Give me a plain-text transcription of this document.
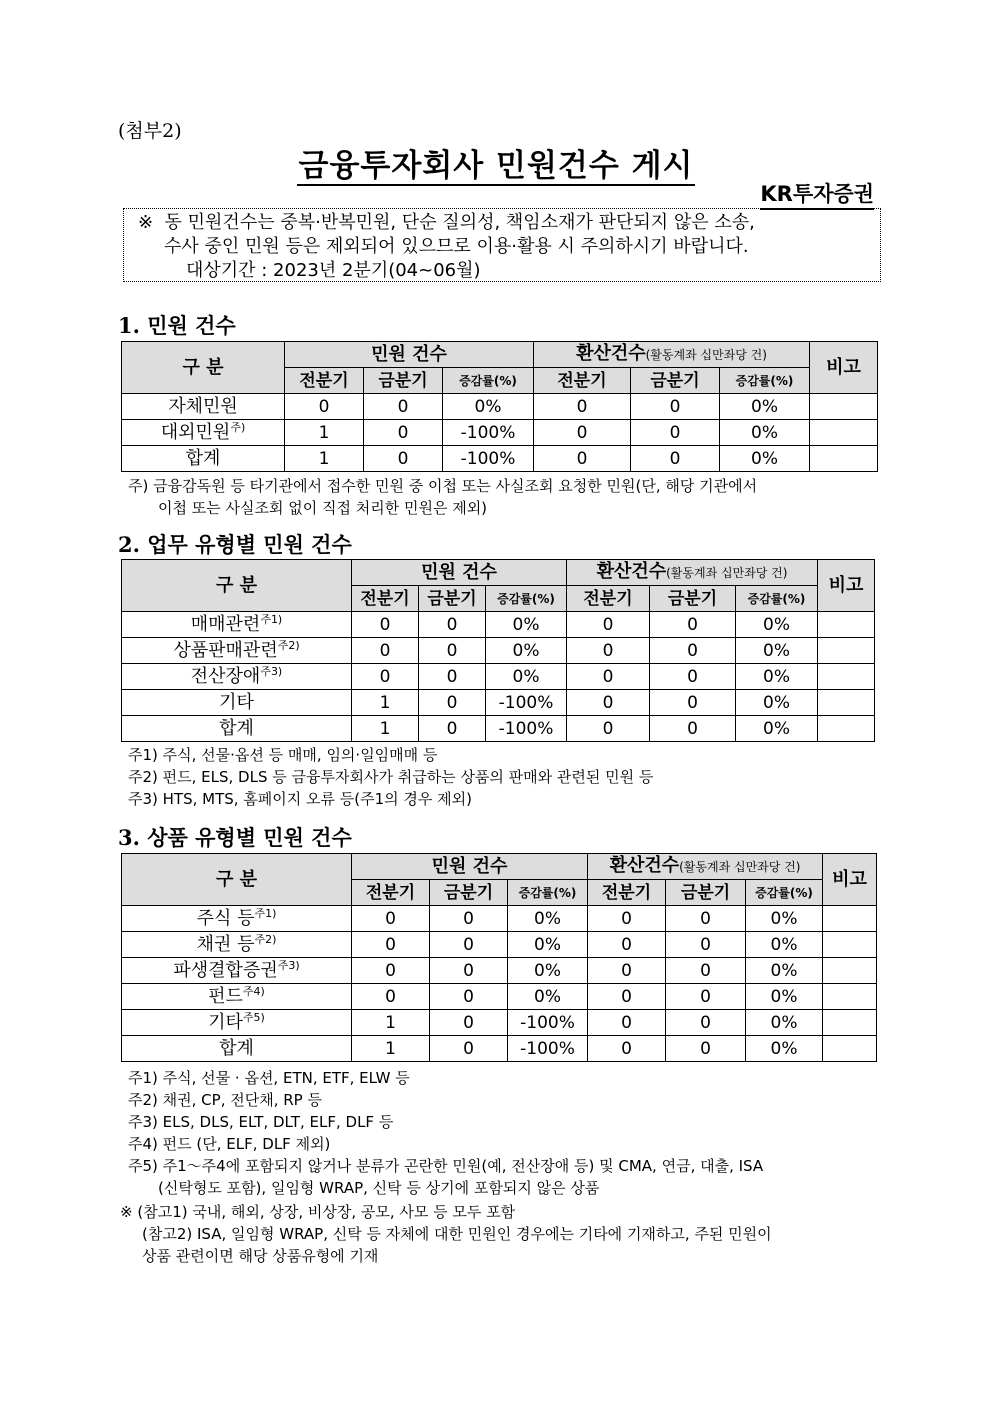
(첨부2)
금융투자회사 민원건수 게시
KR투자증권
※
동 민원건수는 중복·반복민원, 단순 질의성, 책임소재가 판단되지 않은 소송,
수사 중인 민원 등은 제외되어 있으므로 이용·활용 시 주의하시기 바랍니다.
대상기간 : 2023년 2분기(04~06월)
1. 민원 건수
구 분	민원 건수			환산건수(활동계좌 십만좌당 건)			비고
	전분기	금분기	증감률(%)	전분기	금분기	증감률(%)	
자체민원	0	0	0%	0	0	0%	
대외민원$^{주)}$	1	0	-100%	0	0	0%	
합계	1	0	-100%	0	0	0%	
주) 금융감독원 등 타기관에서 접수한 민원 중 이첩 또는 사실조회 요청한 민원(단, 해당 기관에서
이첩 또는 사실조회 없이 직접 처리한 민원은 제외)
2. 업무 유형별 민원 건수
구 분	민원 건수			환산건수(활동계좌 십만좌당 건)			비고
	전분기	금분기	증감률(%)	전분기	금분기	증감률(%)	
매매관련$^{주1)}$	0	0	0%	0	0	0%	
상품판매관련$^{주2)}$	0	0	0%	0	0	0%	
전산장애$^{주3)}$	0	0	0%	0	0	0%	
기타	1	0	-100%	0	0	0%	
합계	1	0	-100%	0	0	0%	
주1) 주식, 선물·옵션 등 매매, 임의·일임매매 등
주2) 펀드, ELS, DLS 등 금융투자회사가 취급하는 상품의 판매와 관련된 민원 등
주3) HTS, MTS, 홈페이지 오류 등(주1의 경우 제외)
3. 상품 유형별 민원 건수
구 분	민원 건수			환산건수(활동계좌 십만좌당 건)			비고
	전분기	금분기	증감률(%)	전분기	금분기	증감률(%)	
주식 등$^{주1)}$	0	0	0%	0	0	0%	
채권 등$^{주2)}$	0	0	0%	0	0	0%	
파생결합증권$^{주3)}$	0	0	0%	0	0	0%	
펀드$^{주4)}$	0	0	0%	0	0	0%	
기타$^{주5)}$	1	0	-100%	0	0	0%	
합계	1	0	-100%	0	0	0%	
주1) 주식, 선물 · 옵션, ETN, ETF, ELW 등
주2) 채권, CP, 전단채, RP 등
주3) ELS, DLS, ELT, DLT, ELF, DLF 등
주4) 펀드 (단, ELF, DLF 제외)
주5) 주1～주4에 포함되지 않거나 분류가 곤란한 민원(예, 전산장애 등) 및 CMA, 연금, 대출, ISA
(신탁형도 포함), 일임형 WRAP, 신탁 등 상기에 포함되지 않은 상품
※ (참고1) 국내, 해외, 상장, 비상장, 공모, 사모 등 모두 포함
(참고2) ISA, 일임형 WRAP, 신탁 등 자체에 대한 민원인 경우에는 기타에 기재하고, 주된 민원이
상품 관련이면 해당 상품유형에 기재
